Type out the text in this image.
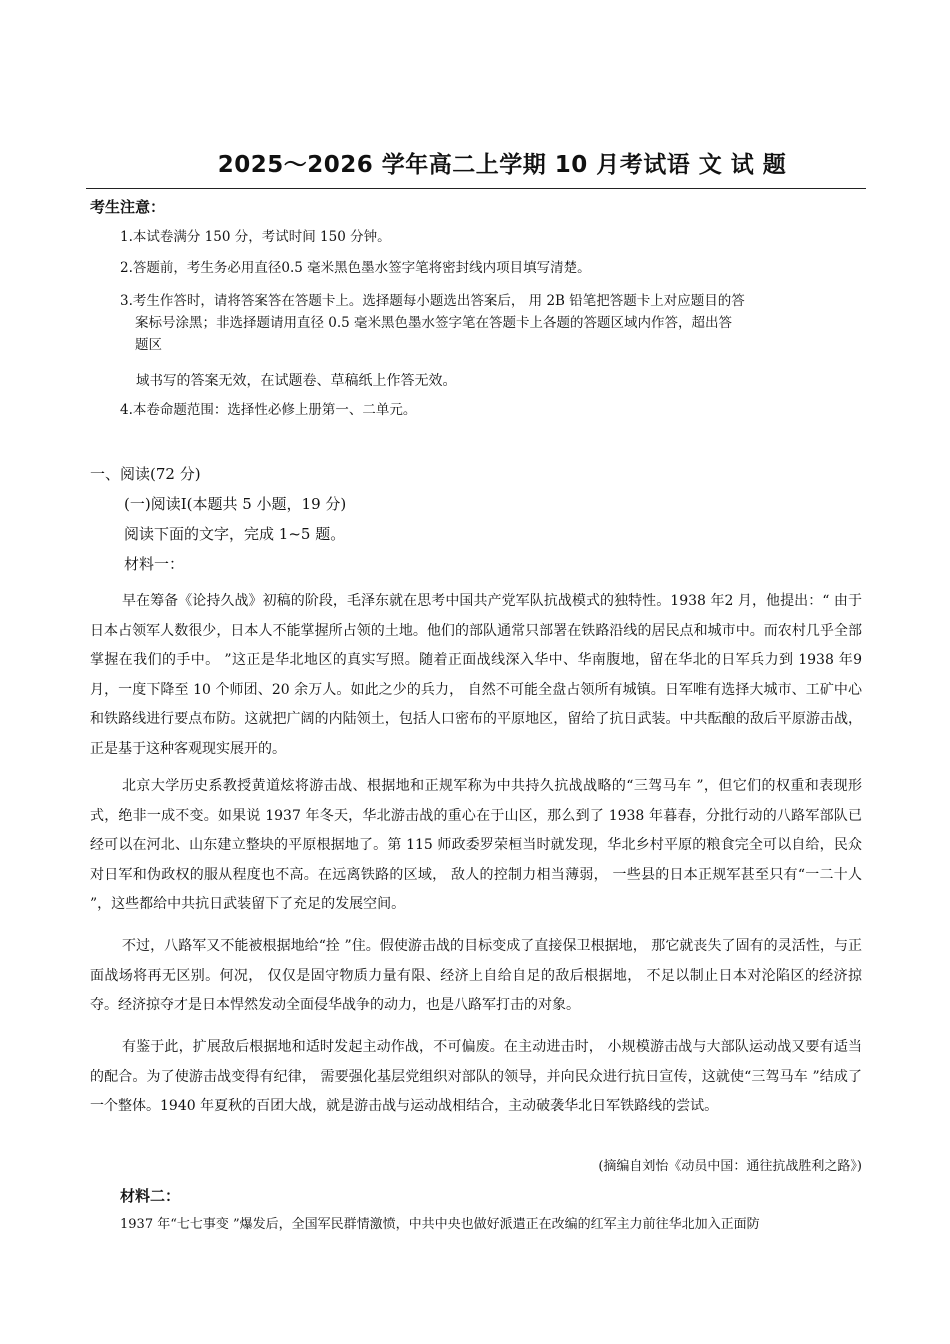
2025～2026 学年高二上学期 10 月考试语 文 试 题
考生注意：
1.本试卷满分 150 分，考试时间 150 分钟。
2.答题前，考生务必用直径0.5 毫米黑色墨水签字笔将密封线内项目填写清楚。
3.考生作答时，请将答案答在答题卡上。选择题每小题选出答案后， 用 2B 铅笔把答题卡上对应题目的答
案标号涂黑；非选择题请用直径 0.5 毫米黑色墨水签字笔在答题卡上各题的答题区域内作答，超出答
题区
域书写的答案无效，在试题卷、草稿纸上作答无效。
4.本卷命题范围：选择性必修上册第一、二单元。
一、阅读(72 分)
(一)阅读Ⅰ(本题共 5 小题，19 分)
阅读下面的文字，完成 1~5 题。
材料一：
早在筹备《论持久战》初稿的阶段，毛泽东就在思考中国共产党军队抗战模式的独特性。1938 年2 月，他提出：“ 由于日本占领军人数很少，日本人不能掌握所占领的土地。他们的部队通常只部署在铁路沿线的居民点和城市中。而农村几乎全部掌握在我们的手中。 ”这正是华北地区的真实写照。随着正面战线深入华中、华南腹地，留在华北的日军兵力到 1938 年9 月，一度下降至 10 个师团、20 余万人。如此之少的兵力， 自然不可能全盘占领所有城镇。日军唯有选择大城市、工矿中心和铁路线进行要点布防。这就把广阔的内陆领土，包括人口密布的平原地区，留给了抗日武装。中共酝酿的敌后平原游击战，正是基于这种客观现实展开的。
北京大学历史系教授黄道炫将游击战、根据地和正规军称为中共持久抗战战略的“三驾马车 ”，但它们的权重和表现形式，绝非一成不变。如果说 1937 年冬天，华北游击战的重心在于山区，那么到了 1938 年暮春，分批行动的八路军部队已经可以在河北、山东建立整块的平原根据地了。第 115 师政委罗荣桓当时就发现，华北乡村平原的粮食完全可以自给，民众对日军和伪政权的服从程度也不高。在远离铁路的区域， 敌人的控制力相当薄弱， 一些县的日本正规军甚至只有“一二十人 ”，这些都给中共抗日武装留下了充足的发展空间。
不过，八路军又不能被根据地给“拴 ”住。假使游击战的目标变成了直接保卫根据地， 那它就丧失了固有的灵活性，与正面战场将再无区别。何况， 仅仅是固守物质力量有限、经济上自给自足的敌后根据地， 不足以制止日本对沦陷区的经济掠夺。经济掠夺才是日本悍然发动全面侵华战争的动力，也是八路军打击的对象。
有鉴于此，扩展敌后根据地和适时发起主动作战，不可偏废。在主动进击时， 小规模游击战与大部队运动战又要有适当的配合。为了使游击战变得有纪律， 需要强化基层党组织对部队的领导，并向民众进行抗日宣传，这就使“三驾马车 ”结成了一个整体。1940 年夏秋的百团大战，就是游击战与运动战相结合，主动破袭华北日军铁路线的尝试。
(摘编自刘怡《动员中国：通往抗战胜利之路》)
材料二：
1937 年“七七事变 ”爆发后，全国军民群情激愤，中共中央也做好派遣正在改编的红军主力前往华北加入正面防
